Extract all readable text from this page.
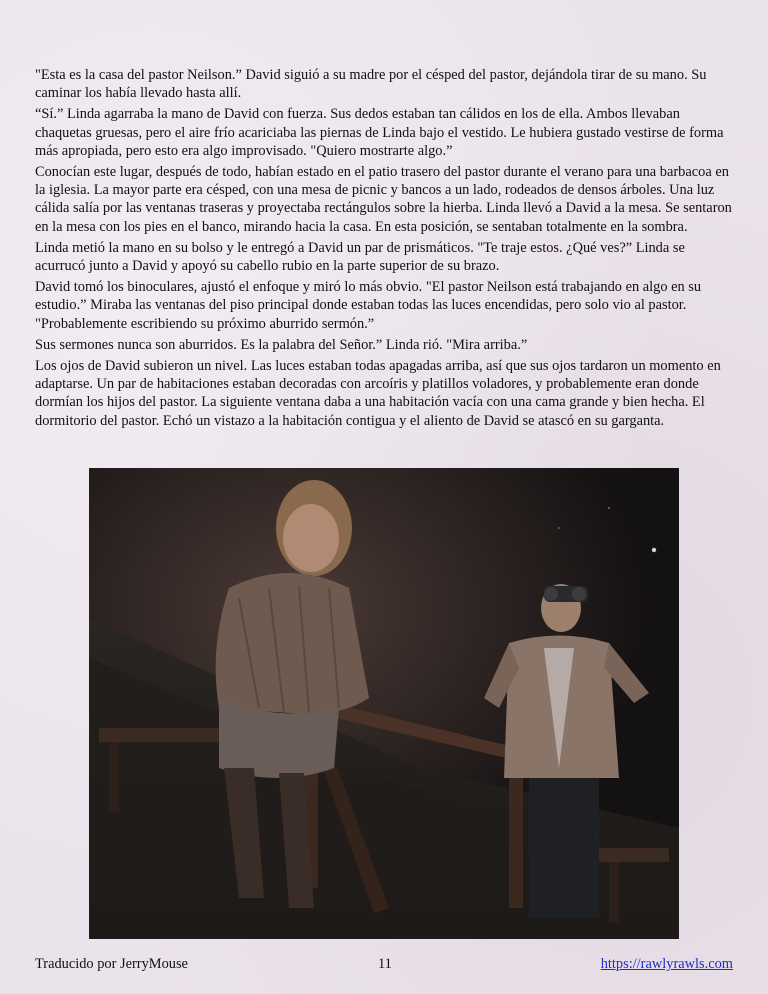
"Esta es la casa del pastor Neilson.” David siguió a su madre por el césped del pastor, dejándola tirar de su mano. Su caminar los había llevado hasta allí.

“Sí.” Linda agarraba la mano de David con fuerza. Sus dedos estaban tan cálidos en los de ella. Ambos llevaban chaquetas gruesas, pero el aire frío acariciaba las piernas de Linda bajo el vestido. Le hubiera gustado vestirse de forma más apropiada, pero esto era algo improvisado. "Quiero mostrarte algo.”

Conocían este lugar, después de todo, habían estado en el patio trasero del pastor durante el verano para una barbacoa en la iglesia. La mayor parte era césped, con una mesa de picnic y bancos a un lado, rodeados de densos árboles. Una luz cálida salía por las ventanas traseras y proyectaba rectángulos sobre la hierba. Linda llevó a David a la mesa. Se sentaron en la mesa con los pies en el banco, mirando hacia la casa. En esta posición, se sentaban totalmente en la sombra.

Linda metió la mano en su bolso y le entregó a David un par de prismáticos. "Te traje estos. ¿Qué ves?” Linda se acurrucó junto a David y apoyó su cabello rubio en la parte superior de su brazo.

David tomó los binoculares, ajustó el enfoque y miró lo más obvio. "El pastor Neilson está trabajando en algo en su estudio.” Miraba las ventanas del piso principal donde estaban todas las luces encendidas, pero solo vio al pastor. "Probablemente escribiendo su próximo aburrido sermón.”

Sus sermones nunca son aburridos. Es la palabra del Señor.” Linda rió. "Mira arriba.”

Los ojos de David subieron un nivel. Las luces estaban todas apagadas arriba, así que sus ojos tardaron un momento en adaptarse. Un par de habitaciones estaban decoradas con arcoíris y platillos voladores, y probablemente eran donde dormían los hijos del pastor. La siguiente ventana daba a una habitación vacía con una cama grande y bien hecha. El dormitorio del pastor. Echó un vistazo a la habitación contigua y el aliento de David se atascó en su garganta.

Traducido por JerryMouse	11	https://rawlyrawls.com
